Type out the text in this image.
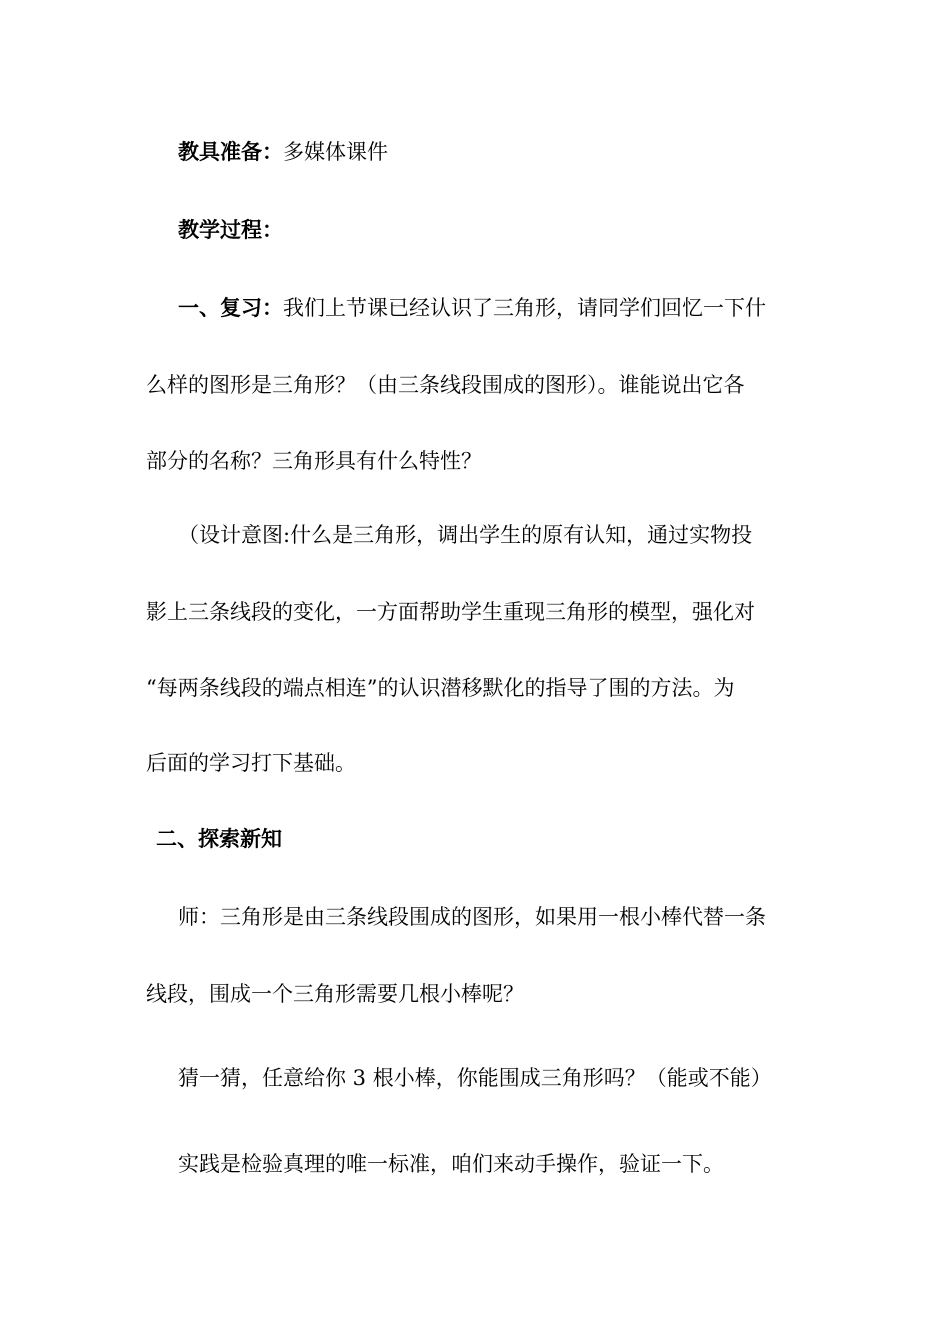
教具准备：多媒体课件
教学过程：
一、复习：我们上节课已经认识了三角形，请同学们回忆一下什
么样的图形是三角形？（由三条线段围成的图形）。谁能说出它各
部分的名称？三角形具有什么特性？
（设计意图:什么是三角形，调出学生的原有认知，通过实物投
影上三条线段的变化，一方面帮助学生重现三角形的模型，强化对
“每两条线段的端点相连”的认识潜移默化的指导了围的方法。为
后面的学习打下基础。
二、探索新知
师：三角形是由三条线段围成的图形，如果用一根小棒代替一条
线段，围成一个三角形需要几根小棒呢？
猜一猜，任意给你 3 根小棒，你能围成三角形吗？（能或不能）
实践是检验真理的唯一标准，咱们来动手操作，验证一下。
